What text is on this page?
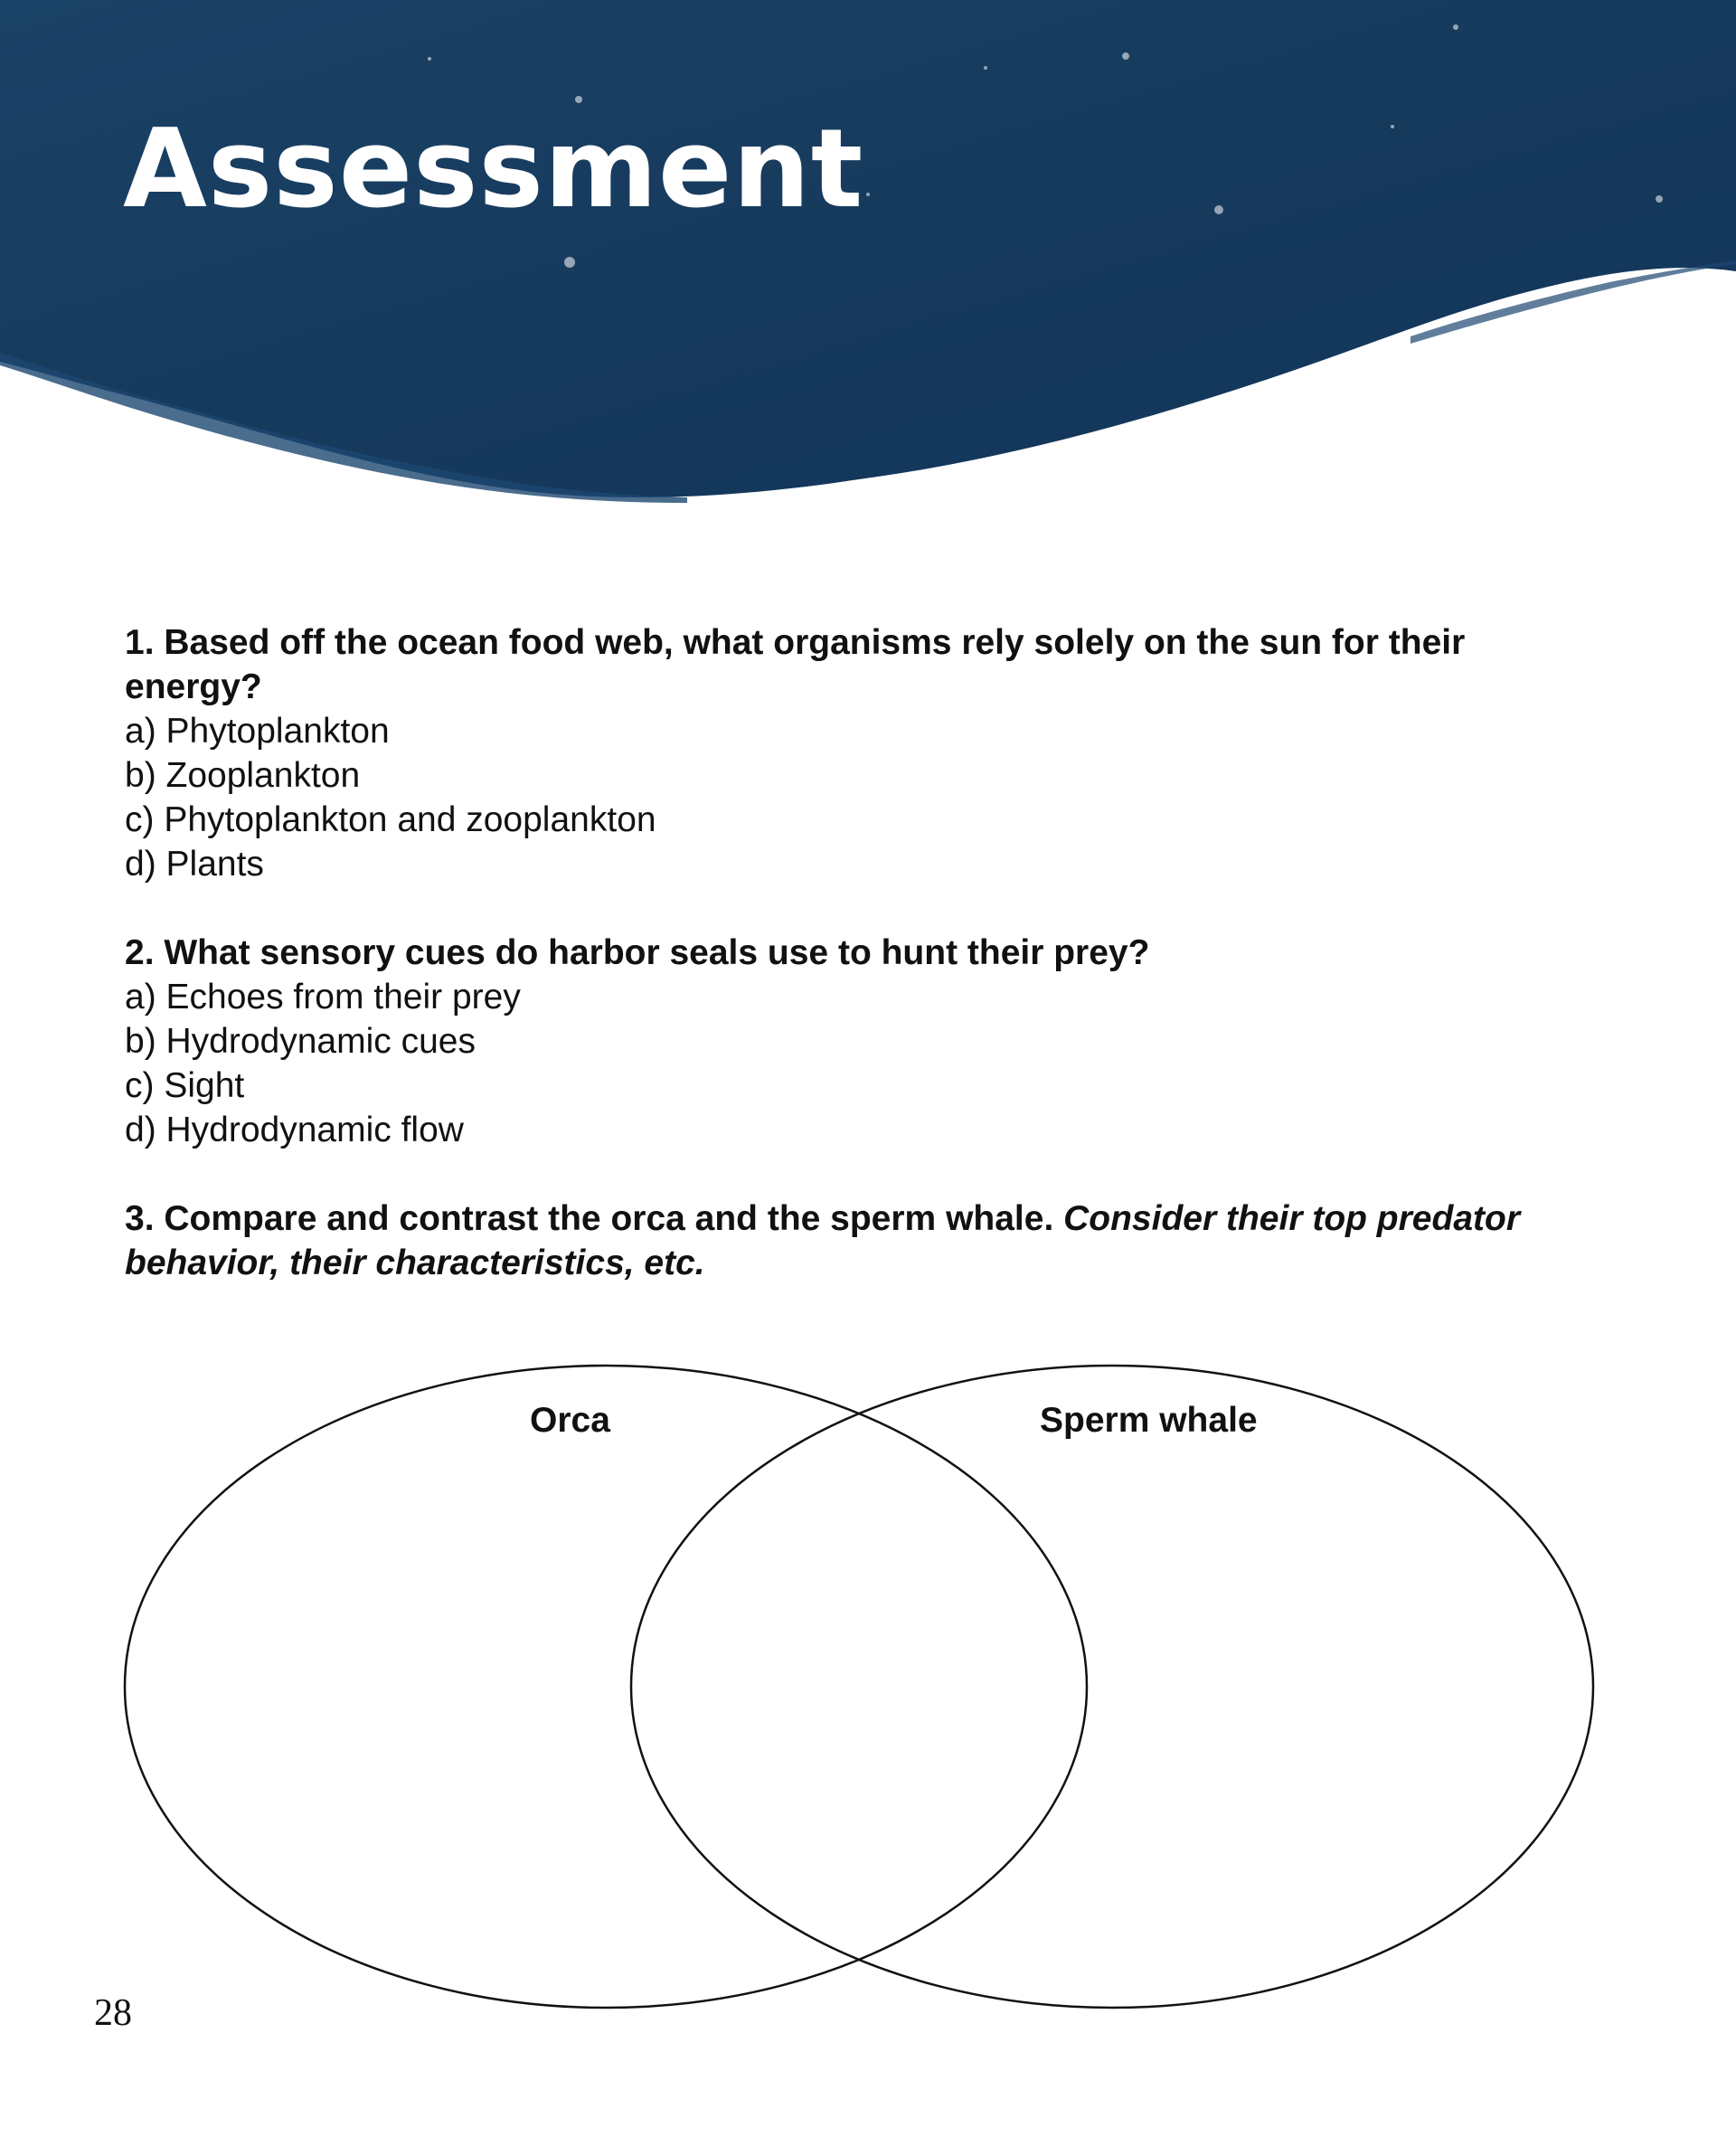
Assessment

1. Based off the ocean food web, what organisms rely solely on the sun for their energy?

a) Phytoplankton
b) Zooplankton
c) Phytoplankton and zooplankton
d) Plants

2. What sensory cues do harbor seals use to hunt their prey?

a) Echoes from their prey
b) Hydrodynamic cues
c) Sight
d) Hydrodynamic flow

3. Compare and contrast the orca and the sperm whale. Consider their top predator behavior, their characteristics, etc.

Orca	Sperm whale
28
